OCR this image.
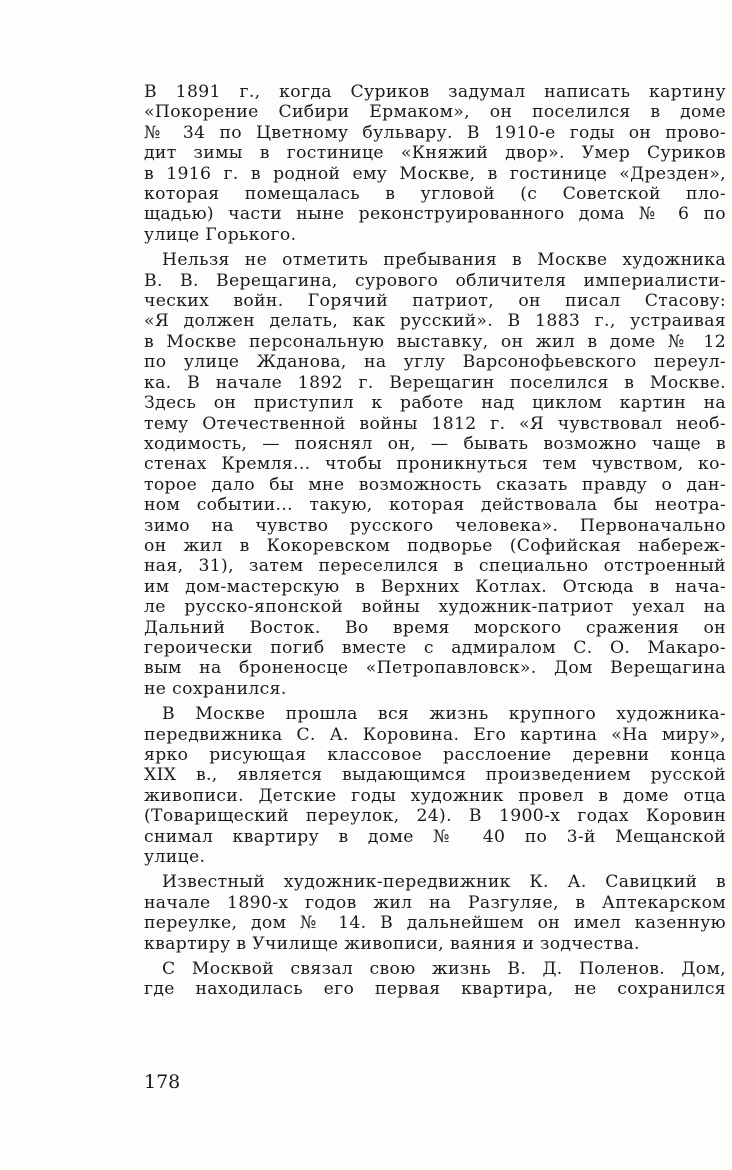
В 1891 г., когда Суриков задумал написать картину
«Покорение Сибири Ермаком», он поселился в доме
№ 34 по Цветному бульвару. В 1910-е годы он прово-
дит зимы в гостинице «Княжий двор». Умер Суриков
в 1916 г. в родной ему Москве, в гостинице «Дрезден»,
которая помещалась в угловой (с Советской пло-
щадью) части ныне реконструированного дома № 6 по
улице Горького.
Нельзя не отметить пребывания в Москве художника
В. В. Верещагина, сурового обличителя империалисти-
ческих войн. Горячий патриот, он писал Стасову:
«Я должен делать, как русский». В 1883 г., устраивая
в Москве персональную выставку, он жил в доме № 12
по улице Жданова, на углу Варсонофьевского переул-
ка. В начале 1892 г. Верещагин поселился в Москве.
Здесь он приступил к работе над циклом картин на
тему Отечественной войны 1812 г. «Я чувствовал необ-
ходимость, — пояснял он, — бывать возможно чаще в
стенах Кремля... чтобы проникнуться тем чувством, ко-
торое дало бы мне возможность сказать правду о дан-
ном событии... такую, которая действовала бы неотра-
зимо на чувство русского человека». Первоначально
он жил в Кокоревском подворье (Софийская набереж-
ная, 31), затем переселился в специально отстроенный
им дом-мастерскую в Верхних Котлах. Отсюда в нача-
ле русско-японской войны художник-патриот уехал на
Дальний Восток. Во время морского сражения он
героически погиб вместе с адмиралом С. О. Макаро-
вым на броненосце «Петропавловск». Дом Верещагина
не сохранился.
В Москве прошла вся жизнь крупного художника-
передвижника С. А. Коровина. Его картина «На миру»,
ярко рисующая классовое расслоение деревни конца
XIX в., является выдающимся произведением русской
живописи. Детские годы художник провел в доме отца
(Товарищеский переулок, 24). В 1900-х годах Коровин
снимал квартиру в доме № 40 по 3-й Мещанской
улице.
Известный художник-передвижник К. А. Савицкий в
начале 1890-х годов жил на Разгуляе, в Аптекарском
переулке, дом № 14. В дальнейшем он имел казенную
квартиру в Училище живописи, ваяния и зодчества.
С Москвой связал свою жизнь В. Д. Поленов. Дом,
где находилась его первая квартира, не сохранился
178
